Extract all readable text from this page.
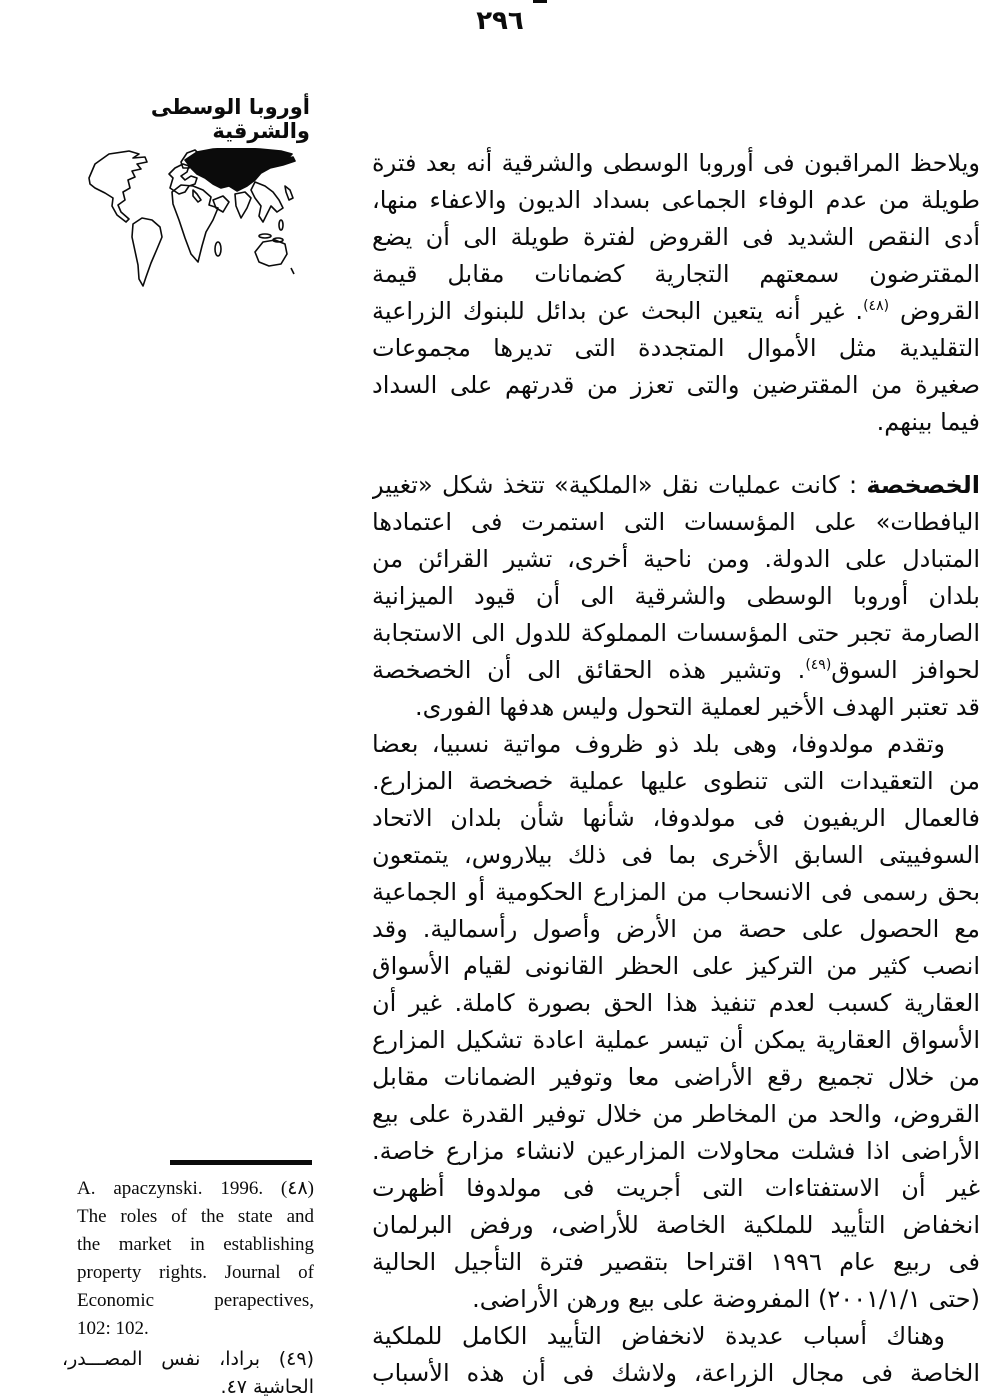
٢٩٦
أوروبا الوسطى والشرقية
ويلاحظ المراقبون فى أوروبا الوسطى والشرقية أنه بعد فترة
طويلة من عدم الوفاء الجماعى بسداد الديون والاعفاء منها،
أدى النقص الشديد فى القروض لفترة طويلة الى أن يضع
المقترضون سمعتهم التجارية كضمانات مقابل قيمة
القروض $^{(٤٨)}$. غير أنه يتعين البحث عن بدائل للبنوك الزراعية
التقليدية مثل الأموال المتجددة التى تديرها مجموعات
صغيرة من المقترضين والتى تعزز من قدرتهم على السداد
فيما بينهم.
الخصخصة : كانت عمليات نقل «الملكية» تتخذ شكل «تغيير
اليافطات» على المؤسسات التى استمرت فى اعتمادها
المتبادل على الدولة. ومن ناحية أخرى، تشير القرائن من
بلدان أوروبا الوسطى والشرقية الى أن قيود الميزانية
الصارمة تجبر حتى المؤسسات المملوكة للدول الى الاستجابة
لحوافز السوق$^{(٤٩)}$. وتشير هذه الحقائق الى أن الخصخصة
قد تعتبر الهدف الأخير لعملية التحول وليس هدفها الفورى.
وتقدم مولدوفا، وهى بلد ذو ظروف مواتية نسبيا، بعضا
من التعقيدات التى تنطوى عليها عملية خصخصة المزارع.
فالعمال الريفيون فى مولدوفا، شأنها شأن بلدان الاتحاد
السوفييتى السابق الأخرى بما فى ذلك بيلاروس، يتمتعون
بحق رسمى فى الانسحاب من المزارع الحكومية أو الجماعية
مع الحصول على حصة من الأرض وأصول رأسمالية. وقد
انصب كثير من التركيز على الحظر القانونى لقيام الأسواق
العقارية كسبب لعدم تنفيذ هذا الحق بصورة كاملة. غير أن
الأسواق العقارية يمكن أن تيسر عملية اعادة تشكيل المزارع
من خلال تجميع رقع الأراضى معا وتوفير الضمانات مقابل
القروض، والحد من المخاطر من خلال توفير القدرة على بيع
الأراضى اذا فشلت محاولات المزارعين لانشاء مزارع خاصة.
غير أن الاستفتاءات التى أجريت فى مولدوفا أظهرت
انخفاض التأييد للملكية الخاصة للأراضى، ورفض البرلمان
فى ربيع عام ١٩٩٦ اقتراحا بتقصير فترة التأجيل الحالية
(حتى ٢٠٠١/١/١) المفروضة على بيع ورهن الأراضى.
وهناك أسباب عديدة لانخفاض التأييد الكامل للملكية
الخاصة فى مجال الزراعة، ولاشك فى أن هذه الأسباب
A. apaczynski. 1996. (٤٨)
The roles of the state and
the market in establishing
property rights. Journal of
Economic perapectives,
102: 102.
(٤٩) برادا، نفس المصـــدر،
الحاشية ٤٧.
